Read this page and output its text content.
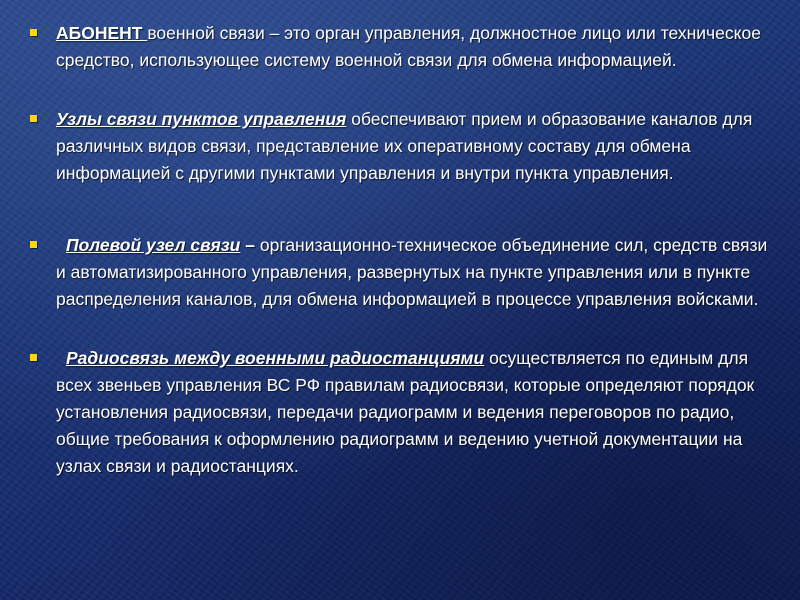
АБОНЕНТ военной связи – это орган управления, должностное лицо или техническое средство, использующее систему военной связи для обмена информацией.
Узлы связи пунктов управления обеспечивают прием и образование каналов для различных видов связи, представление их оперативному составу для обмена информацией с другими пунктами управления и внутри пункта управления.
Полевой узел связи – организационно-техническое объединение сил, средств связи и автоматизированного управления, развернутых на пункте управления или в пункте распределения каналов, для обмена информацией в процессе управления войсками.
Радиосвязь между военными радиостанциями осуществляется по единым для всех звеньев управления ВС РФ правилам радиосвязи, которые определяют порядок установления радиосвязи, передачи радиограмм и ведения переговоров по радио, общие требования к оформлению радиограмм и ведению учетной документации на узлах связи и радиостанциях.
